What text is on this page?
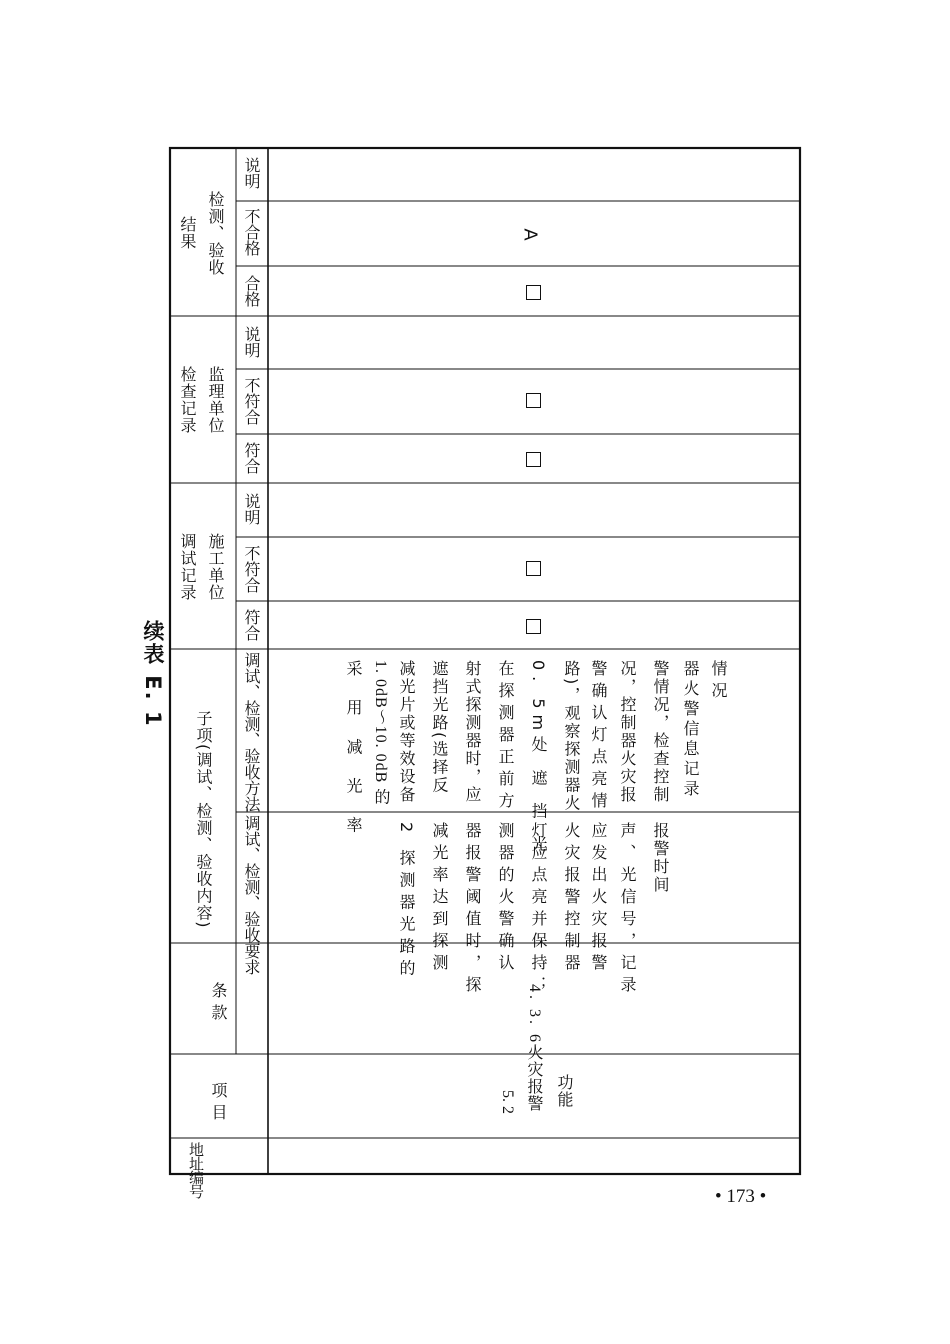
续表 E. 1
地址编号
项目
条款
子项(调试、检测、验收内容) 调试、检测、验收要求
调试、检测、验收方法
施工单位 调试记录
符合
不符合
说明
监理单位 检查记录
符合
不符合
说明
检测、验收 结果
合格
不合格
说明
5. 2 火灾报警 功能
4. 3. 6
2 探测器光路的 减光率达到探测 器报警阈值时，探 测器的火警确认 灯应点亮并保持； 火灾报警控制器 应发出火灾报警 声、光信号，记录 报警时间
采 用 减 光 率 1. 0dB～10. 0dB 的 减光片或等效设备 遮挡光路(选择反 射式探测器时，应 在探测器正前方 0. 5m处 遮 挡 光 路)，观察探测器火 警确认灯点亮情 况，控制器火灾报 警情况，检查控制 器火警信息记录 情况
A
• 173 •
